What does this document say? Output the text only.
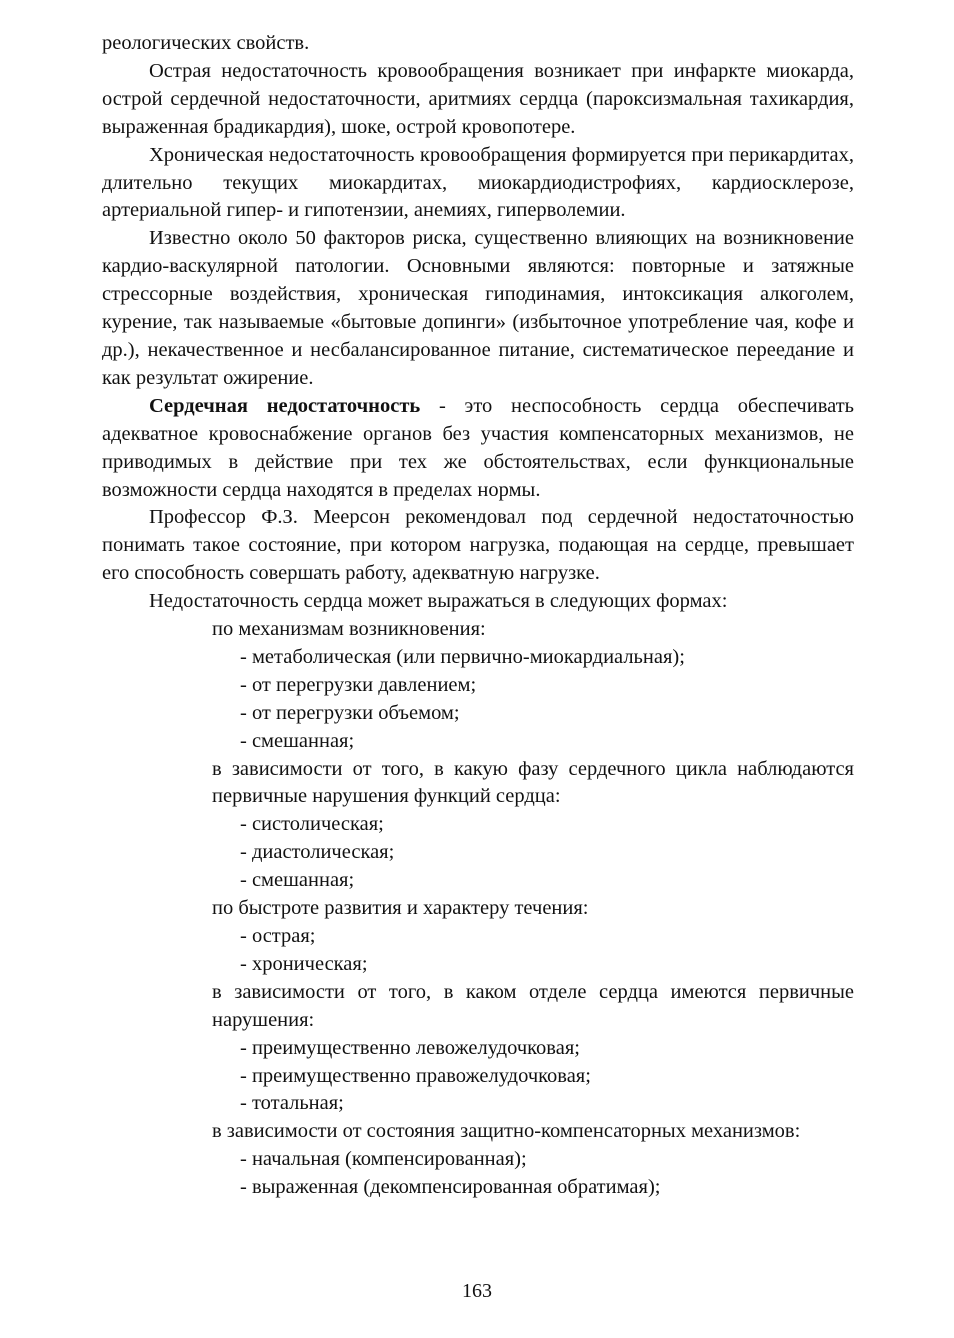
реологических свойств.

Острая недостаточность кровообращения возникает при инфаркте миокарда, острой сердечной недостаточности, аритмиях сердца (пароксизмальная тахикардия, выраженная брадикардия), шоке, острой кровопотере.

Хроническая недостаточность кровообращения формируется при перикардитах, длительно текущих миокардитах, миокардиодистрофиях, кардиосклерозе, артериальной гипер- и гипотензии, анемиях, гиперволемии.

Известно около 50 факторов риска, существенно влияющих на возникновение кардио-васкулярной патологии. Основными являются: повторные и затяжные стрессорные воздействия, хроническая гиподинамия, интоксикация алкоголем, курение, так называемые «бытовые допинги» (избыточное употребление чая, кофе и др.), некачественное и несбалансированное питание, систематическое переедание и как результат ожирение.

Сердечная недостаточность - это неспособность сердца обеспечивать адекватное кровоснабжение органов без участия компенсаторных механизмов, не приводимых в действие при тех же обстоятельствах, если функциональные возможности сердца находятся в пределах нормы.

Профессор Ф.З. Меерсон рекомендовал под сердечной недостаточностью понимать такое состояние, при котором нагрузка, подающая на сердце, превышает его способность совершать работу, адекватную нагрузке.

Недостаточность сердца может выражаться в следующих формах:

по механизмам возникновения:

- метаболическая (или первично-миокардиальная);

- от перегрузки давлением;

- от перегрузки объемом;

- смешанная;

в зависимости от того, в какую фазу сердечного цикла наблюдаются первичные нарушения функций сердца:

- систолическая;

- диастолическая;

- смешанная;

по быстроте развития и характеру течения:

- острая;

- хроническая;

в зависимости от того, в каком отделе сердца имеются первичные нарушения:

- преимущественно левожелудочковая;

- преимущественно правожелудочковая;

- тотальная;

в зависимости от состояния защитно-компенсаторных механизмов:

- начальная (компенсированная);

- выраженная (декомпенсированная обратимая);

163
